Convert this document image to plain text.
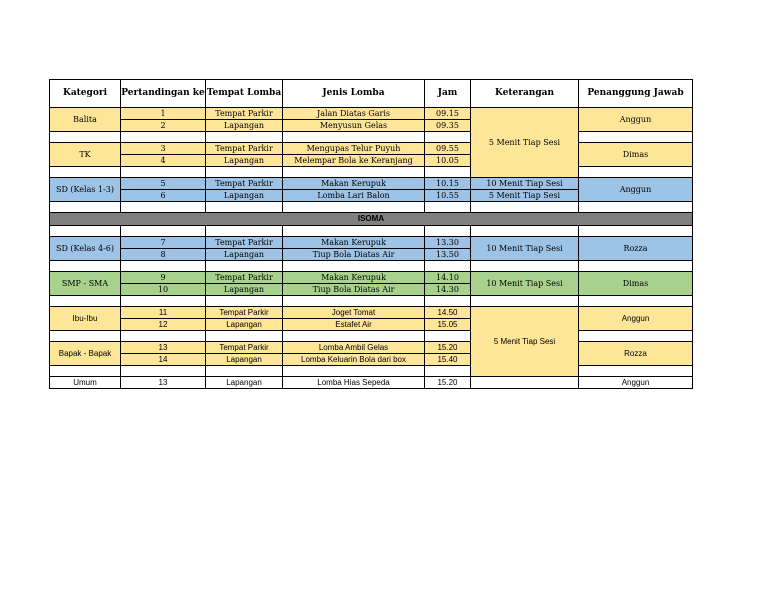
Kategori	Pertandingan ke	Tempat Lomba	Jenis Lomba	Jam	Keterangan	Penanggung Jawab
Balita	1	Tempat Parkir	Jalan Diatas Garis	09.15	5 Menit Tiap Sesi	Anggun
	2	Lapangan	Menyusun Gelas	09.35		

TK	3	Tempat Parkir	Mengupas Telur Puyuh	09.55		Dimas
	4	Lapangan	Melempar Bola ke Keranjang	10.05		

SD (Kelas 1-3)	5	Tempat Parkir	Makan Kerupuk	10.15	10 Menit Tiap Sesi	Anggun
	6	Lapangan	Lomba Lari Balon	10.55	5 Menit Tiap Sesi	

ISOMA						

SD (Kelas 4-6)	7	Tempat Parkir	Makan Kerupuk	13.30	10 Menit Tiap Sesi	Rozza
	8	Lapangan	Tiup Bola Diatas Air	13.50		

SMP - SMA	9	Tempat Parkir	Makan Kerupuk	14.10	10 Menit Tiap Sesi	Dimas
	10	Lapangan	Tiup Bola Diatas Air	14.30		

Ibu-Ibu	11	Tempat Parkir	Joget Tomat	14.50	5 Menit Tiap Sesi	Anggun
	12	Lapangan	Estafet Air	15.05		

Bapak - Bapak	13	Tempat Parkir	Lomba Ambil Gelas	15.20		Rozza
	14	Lapangan	Lomba Keluarin Bola dari box	15.40		

Umum	13	Lapangan	Lomba Hias Sepeda	15.20		Anggun
